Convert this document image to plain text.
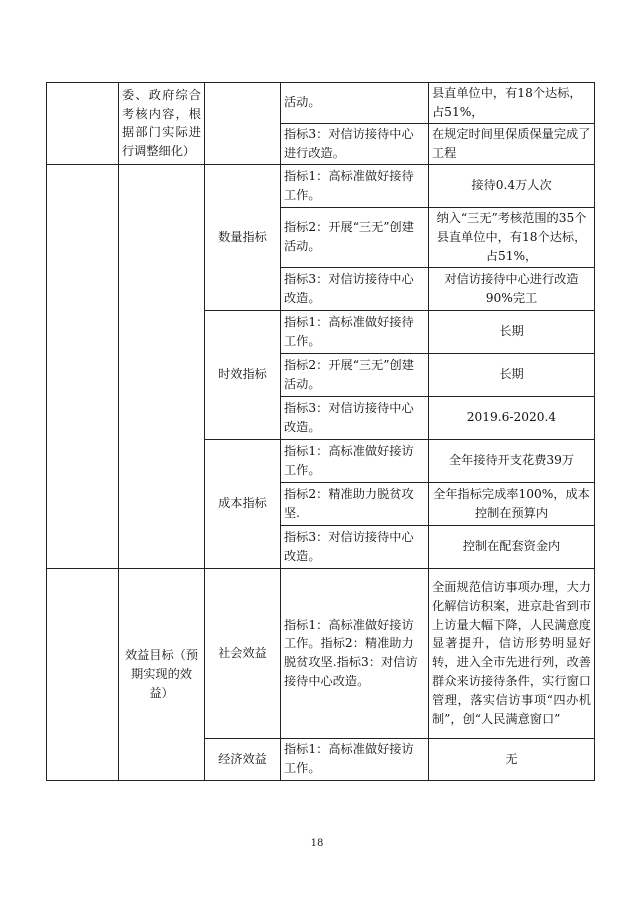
	委、政府综合考核内容，根据部门实际进行调整细化）		活动。	县直单位中，有18个达标，占51%，
			指标3：对信访接待中心进行改造。	在规定时间里保质保量完成了工程
		数量指标	指标1：高标准做好接待工作。	接待0.4万人次
			指标2：开展“三无”创建活动。	纳入“三无”考核范围的35个县直单位中，有18个达标，占51%，
			指标3：对信访接待中心改造。	对信访接待中心进行改造90%完工
		时效指标	指标1：高标准做好接待工作。	长期
			指标2：开展“三无”创建活动。	长期
			指标3：对信访接待中心改造。	2019.6-2020.4
		成本指标	指标1：高标准做好接访工作。	全年接待开支花费39万
			指标2：精准助力脱贫攻坚.	全年指标完成率100%，成本控制在预算内
			指标3：对信访接待中心改造。	控制在配套资金内
	效益目标（预期实现的效益）	社会效益	指标1：高标准做好接访工作。指标2：精准助力脱贫攻坚.指标3：对信访接待中心改造。	全面规范信访事项办理，大力化解信访积案，进京赴省到市上访量大幅下降，人民满意度显著提升，信访形势明显好转，进入全市先进行列，改善群众来访接待条件，实行窗口管理，落实信访事项“四办机制”，创“人民满意窗口”
		经济效益	指标1：高标准做好接访工作。	无
18
